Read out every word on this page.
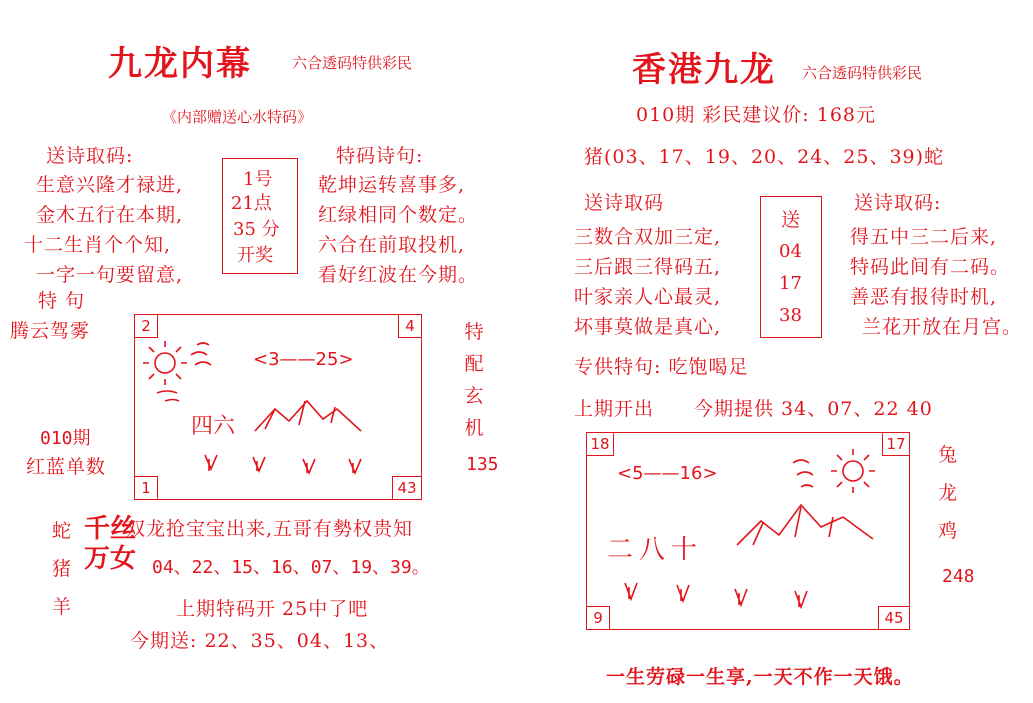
九龙内幕	六合透码特供彩民
《内部赠送心水特码》
送诗取码:
生意兴隆才禄进,
金木五行在本期,
十二生肖个个知,
一字一句要留意,
1号
21点
35 分
开奖
特码诗句:
乾坤运转喜事多,
红绿相同个数定。
六合在前取投机,
看好红波在今期。
特 句
腾云驾雾
010期
红蓝单数
特
配
玄
机
135
2	4
1	43
<3——25>
四六
蛇
猪
羊
千丝
万女
双龙抢宝宝出来,五哥有勢权贵知
04、22、15、16、07、19、39。
上期特码开 25中了吧
今期送: 22、35、04、13、
香港九龙 六合透码特供彩民
010期 彩民建议价: 168元
猪(03、17、19、20、24、25、39)蛇
送诗取码
三数合双加三定,
三后跟三得码五,
叶家亲人心最灵,
坏事莫做是真心,
送
04
17
38
送诗取码:
得五中三二后来,
特码此间有二码。
善恶有报待时机,
兰花开放在月宫。
专供特句: 吃饱喝足
上期开出 今期提供 34、07、22 40
18	17
9	45
<5——16>
二八十
兔
龙
鸡
248
一生劳碌一生享,一天不作一天饿。
